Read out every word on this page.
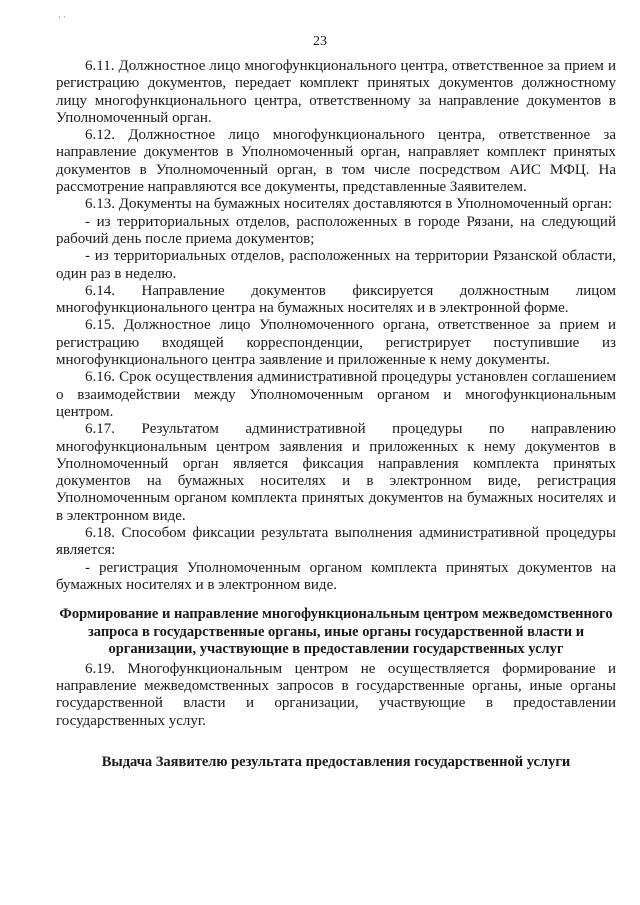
· ·
23

6.11. Должностное лицо многофункционального центра, ответственное за прием и регистрацию документов, передает комплект принятых документов должностному лицу многофункционального центра, ответственному за направление документов в Уполномоченный орган.

6.12. Должностное лицо многофункционального центра, ответственное за направление документов в Уполномоченный орган, направляет комплект принятых документов в Уполномоченный орган, в том числе посредством АИС МФЦ. На рассмотрение направляются все документы, представленные Заявителем.

6.13. Документы на бумажных носителях доставляются в Уполномоченный орган:

- из территориальных отделов, расположенных в городе Рязани, на следующий рабочий день после приема документов;

- из территориальных отделов, расположенных на территории Рязанской области, один раз в неделю.

6.14. Направление документов фиксируется должностным лицом многофункционального центра на бумажных носителях и в электронной форме.

6.15. Должностное лицо Уполномоченного органа, ответственное за прием и регистрацию входящей корреспонденции, регистрирует поступившие из многофункционального центра заявление и приложенные к нему документы.

6.16. Срок осуществления административной процедуры установлен соглашением о взаимодействии между Уполномоченным органом и многофункциональным центром.

6.17. Результатом административной процедуры по направлению многофункциональным центром заявления и приложенных к нему документов в Уполномоченный орган является фиксация направления комплекта принятых документов на бумажных носителях и в электронном виде, регистрация Уполномоченным органом комплекта принятых документов на бумажных носителях и в электронном виде.

6.18. Способом фиксации результата выполнения административной процедуры является:

- регистрация Уполномоченным органом комплекта принятых документов на бумажных носителях и в электронном виде.

Формирование и направление многофункциональным центром межведомственного запроса в государственные органы, иные органы государственной власти и организации, участвующие в предоставлении государственных услуг

6.19. Многофункциональным центром не осуществляется формирование и направление межведомственных запросов в государственные органы, иные органы государственной власти и организации, участвующие в предоставлении государственных услуг.

Выдача Заявителю результата предоставления государственной услуги
